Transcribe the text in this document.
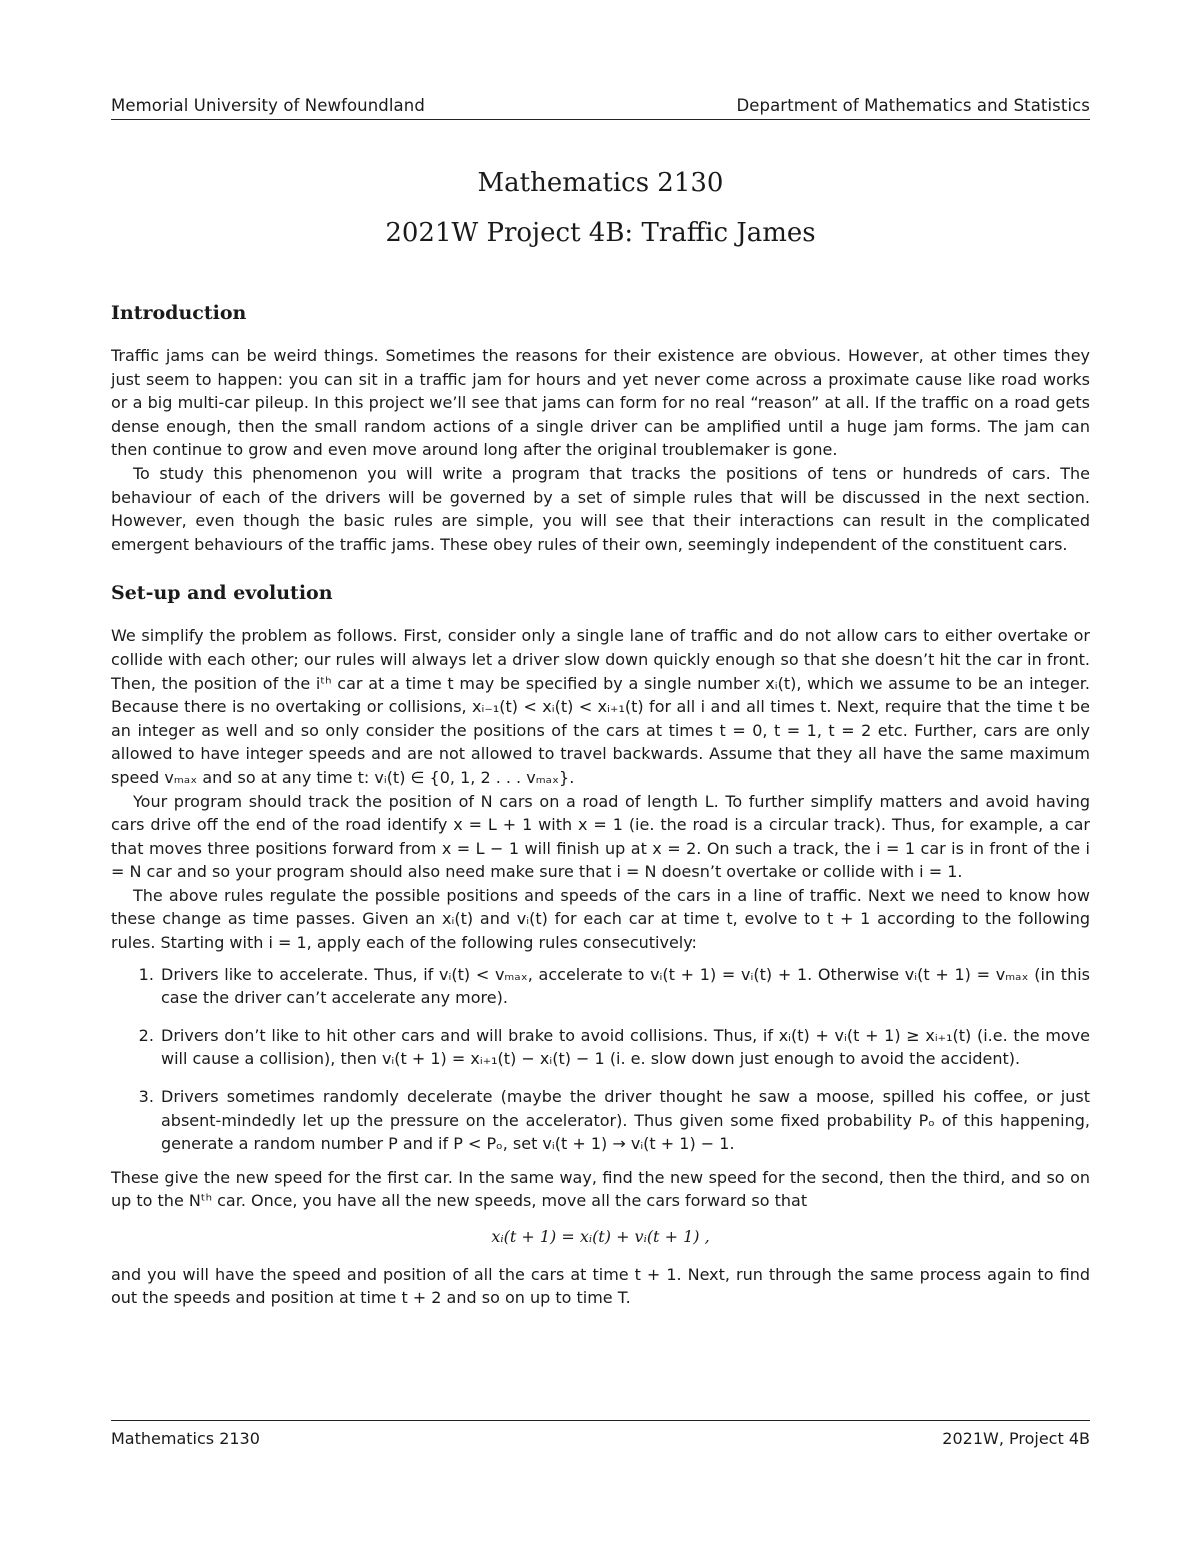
Memorial University of Newfoundland	Department of Mathematics and Statistics
Mathematics 2130
2021W Project 4B: Traffic James
Introduction

Traffic jams can be weird things. Sometimes the reasons for their existence are obvious. However, at other times they just seem to happen: you can sit in a traffic jam for hours and yet never come across a proximate cause like road works or a big multi-car pileup. In this project we’ll see that jams can form for no real “reason” at all. If the traffic on a road gets dense enough, then the small random actions of a single driver can be amplified until a huge jam forms. The jam can then continue to grow and even move around long after the original troublemaker is gone.

To study this phenomenon you will write a program that tracks the positions of tens or hundreds of cars. The behaviour of each of the drivers will be governed by a set of simple rules that will be discussed in the next section. However, even though the basic rules are simple, you will see that their interactions can result in the complicated emergent behaviours of the traffic jams. These obey rules of their own, seemingly independent of the constituent cars.

Set-up and evolution

We simplify the problem as follows. First, consider only a single lane of traffic and do not allow cars to either overtake or collide with each other; our rules will always let a driver slow down quickly enough so that she doesn’t hit the car in front. Then, the position of the iᵗʰ car at a time t may be specified by a single number xᵢ(t), which we assume to be an integer. Because there is no overtaking or collisions, xᵢ₋₁(t) < xᵢ(t) < xᵢ₊₁(t) for all i and all times t. Next, require that the time t be an integer as well and so only consider the positions of the cars at times t = 0, t = 1, t = 2 etc. Further, cars are only allowed to have integer speeds and are not allowed to travel backwards. Assume that they all have the same maximum speed vₘₐₓ and so at any time t: vᵢ(t) ∈ {0, 1, 2 . . . vₘₐₓ}.

Your program should track the position of N cars on a road of length L. To further simplify matters and avoid having cars drive off the end of the road identify x = L + 1 with x = 1 (ie. the road is a circular track). Thus, for example, a car that moves three positions forward from x = L − 1 will finish up at x = 2. On such a track, the i = 1 car is in front of the i = N car and so your program should also need make sure that i = N doesn’t overtake or collide with i = 1.

The above rules regulate the possible positions and speeds of the cars in a line of traffic. Next we need to know how these change as time passes. Given an xᵢ(t) and vᵢ(t) for each car at time t, evolve to t + 1 according to the following rules. Starting with i = 1, apply each of the following rules consecutively:

1. Drivers like to accelerate. Thus, if vᵢ(t) < vₘₐₓ, accelerate to vᵢ(t + 1) = vᵢ(t) + 1. Otherwise vᵢ(t + 1) = vₘₐₓ (in this case the driver can’t accelerate any more).
2. Drivers don’t like to hit other cars and will brake to avoid collisions. Thus, if xᵢ(t) + vᵢ(t + 1) ≥ xᵢ₊₁(t) (i.e. the move will cause a collision), then vᵢ(t + 1) = xᵢ₊₁(t) − xᵢ(t) − 1 (i. e. slow down just enough to avoid the accident).
3. Drivers sometimes randomly decelerate (maybe the driver thought he saw a moose, spilled his coffee, or just absent-mindedly let up the pressure on the accelerator). Thus given some fixed probability Pₒ of this happening, generate a random number P and if P < Pₒ, set vᵢ(t + 1) → vᵢ(t + 1) − 1.

These give the new speed for the first car. In the same way, find the new speed for the second, then the third, and so on up to the Nᵗʰ car. Once, you have all the new speeds, move all the cars forward so that

xᵢ(t + 1) = xᵢ(t) + vᵢ(t + 1) ,

and you will have the speed and position of all the cars at time t + 1. Next, run through the same process again to find out the speeds and position at time t + 2 and so on up to time T.

Mathematics 2130	2021W, Project 4B
